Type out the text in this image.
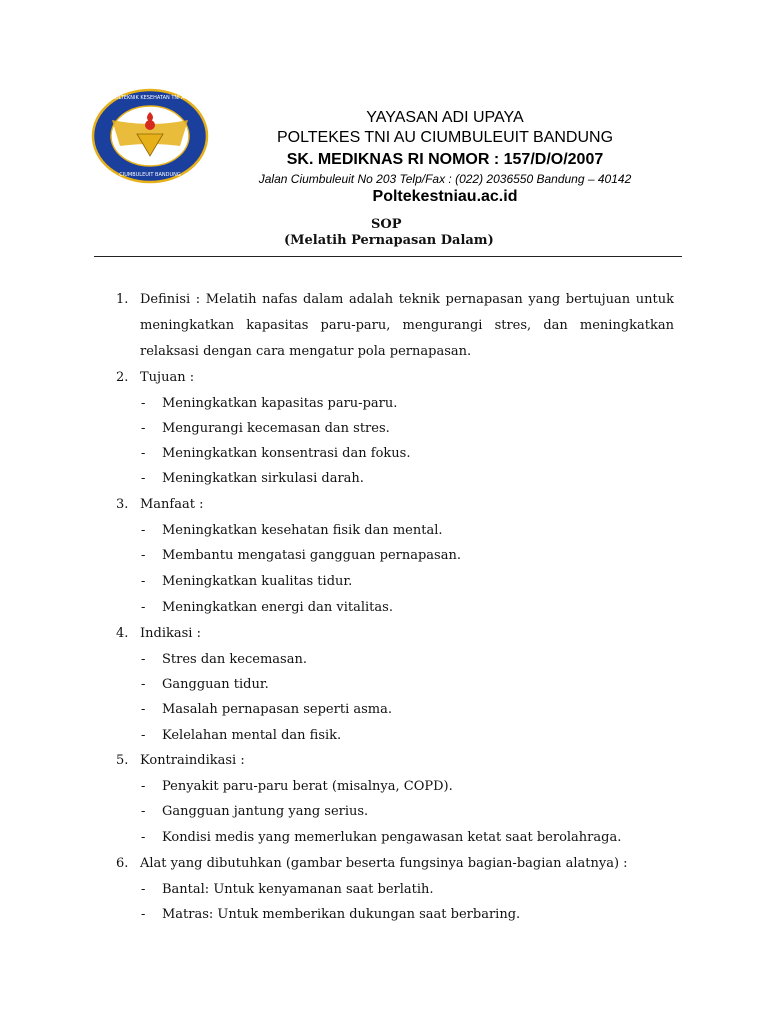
CIUMBULEUIT BANDUNG
POLTEKNIK KESEHATAN TNI AU
YAYASAN ADI UPAYA
POLTEKES TNI AU CIUMBULEUIT BANDUNG
SK. MEDIKNAS RI NOMOR : 157/D/O/2007
Jalan Ciumbuleuit No 203 Telp/Fax : (022) 2036550 Bandung – 40142
Poltekestniau.ac.id
SOP
(Melatih Pernapasan Dalam)
1. Definisi : Melatih nafas dalam adalah teknik pernapasan yang bertujuan untuk
meningkatkan kapasitas paru-paru, mengurangi stres, dan meningkatkan
relaksasi dengan cara mengatur pola pernapasan.
2. Tujuan :
- Meningkatkan kapasitas paru-paru.
- Mengurangi kecemasan dan stres.
- Meningkatkan konsentrasi dan fokus.
- Meningkatkan sirkulasi darah.
3. Manfaat :
- Meningkatkan kesehatan fisik dan mental.
- Membantu mengatasi gangguan pernapasan.
- Meningkatkan kualitas tidur.
- Meningkatkan energi dan vitalitas.
4. Indikasi :
- Stres dan kecemasan.
- Gangguan tidur.
- Masalah pernapasan seperti asma.
- Kelelahan mental dan fisik.
5. Kontraindikasi :
- Penyakit paru-paru berat (misalnya, COPD).
- Gangguan jantung yang serius.
- Kondisi medis yang memerlukan pengawasan ketat saat berolahraga.
6. Alat yang dibutuhkan (gambar beserta fungsinya bagian-bagian alatnya) :
- Bantal: Untuk kenyamanan saat berlatih.
- Matras: Untuk memberikan dukungan saat berbaring.
